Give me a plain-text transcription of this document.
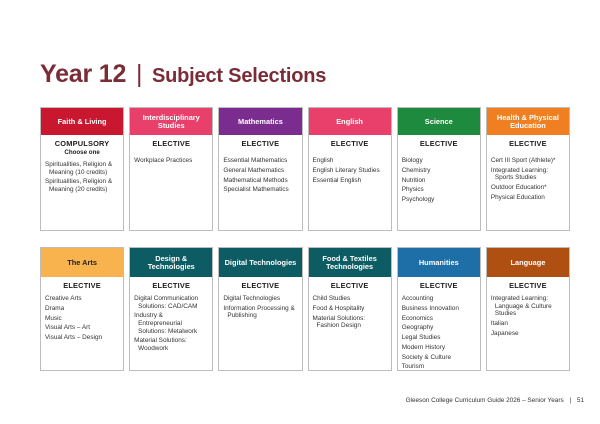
Year 12 | Subject Selections
Faith & Living
COMPULSORY
Choose one
Spiritualities, Religion & Meaning (10 credits)
Spiritualities, Religion & Meaning (20 credits)
Interdisciplinary Studies
ELECTIVE
Workplace Practices
Mathematics
ELECTIVE
Essential Mathematics
General Mathematics
Mathematical Methods
Specialist Mathematics
English
ELECTIVE
English
English Literary Studies
Essential English
Science
ELECTIVE
Biology
Chemistry
Nutrition
Physics
Psychology
Health & Physical Education
ELECTIVE
Cert III Sport (Athlete)*
Integrated Learning: Sports Studies
Outdoor Education*
Physical Education
The Arts
ELECTIVE
Creative Arts
Drama
Music
Visual Arts – Art
Visual Arts – Design
Design & Technologies
ELECTIVE
Digital Communication Solutions: CAD/CAM
Industry & Entrepreneurial Solutions: Metalwork
Material Solutions: Woodwork
Digital Technologies
ELECTIVE
Digital Technologies
Information Processing & Publishing
Food & Textiles Technologies
ELECTIVE
Child Studies
Food & Hospitality
Material Solutions: Fashion Design
Humanities
ELECTIVE
Accounting
Business Innovation
Economics
Geography
Legal Studies
Modern History
Society & Culture
Tourism
Language
ELECTIVE
Integrated Learning: Language & Culture Studies
Italian
Japanese
Gleeson College Curriculum Guide 2026 – Senior Years | 51
